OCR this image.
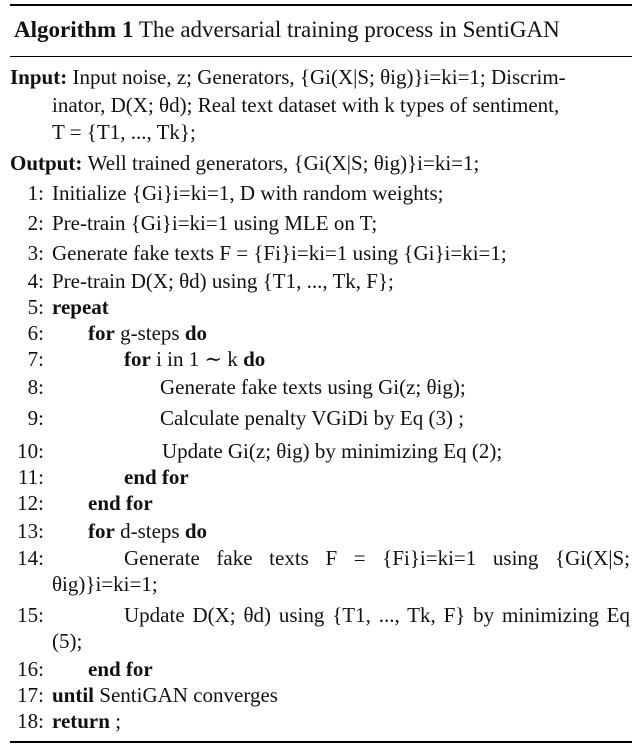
Algorithm 1 The adversarial training process in SentiGAN
Input: Input noise, z; Generators, {Gi(X|S; θig)}i=ki=1; Discrim-
inator, D(X; θd); Real text dataset with k types of sentiment,
T = {T1, ..., Tk};
Output: Well trained generators, {Gi(X|S; θig)}i=ki=1;
1: Initialize {Gi}i=ki=1, D with random weights;
2: Pre-train {Gi}i=ki=1 using MLE on T;
3: Generate fake texts F = {Fi}i=ki=1 using {Gi}i=ki=1;
4: Pre-train D(X; θd) using {T1, ..., Tk, F};
5: repeat
6: for g-steps do
7:	for i in 1 ∼ k do
8:	Generate fake texts using Gi(z; θig);
9:	Calculate penalty VGiDi by Eq (3) ;
10:	Update Gi(z; θig) by minimizing Eq (2);
11:	end for
12: end for
13: for d-steps do
14:	Generate fake texts F = {Fi}i=ki=1 using {Gi(X|S; θig)}i=ki=1;
15:	Update D(X; θd) using {T1, ..., Tk, F} by minimizing Eq (5);
16: end for
17: until SentiGAN converges
18: return ;
